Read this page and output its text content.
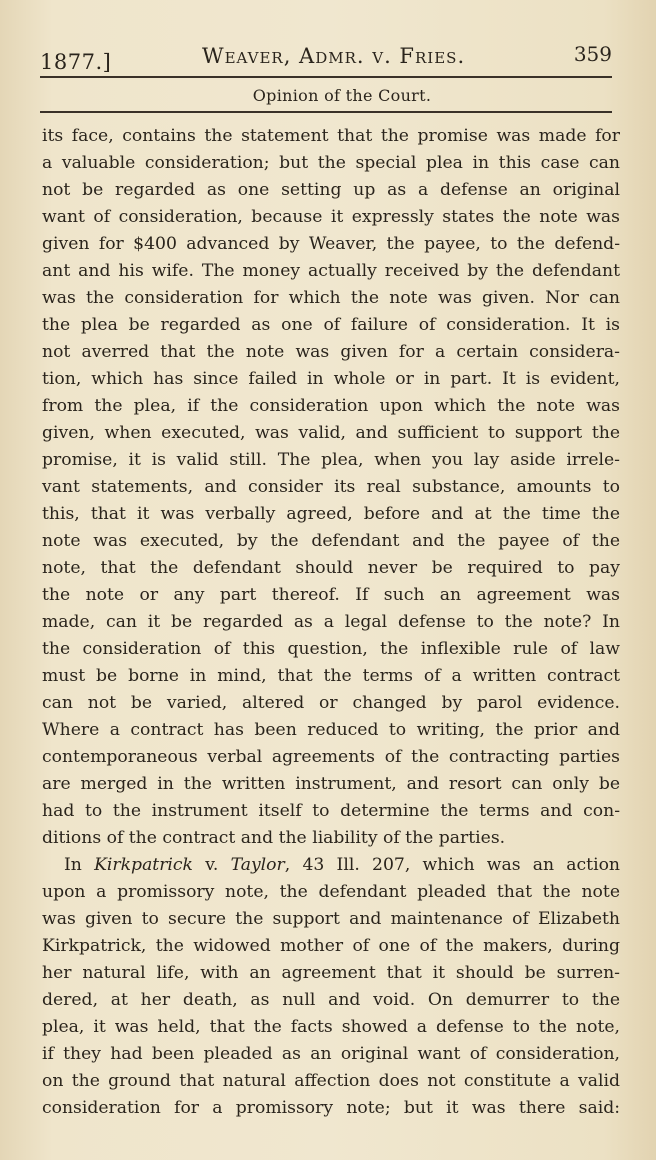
1877.]	Weaver, Admr. v. Fries.	359
Opinion of the Court.
its face, contains the statement that the promise was made for
a valuable consideration; but the special plea in this case can
not be regarded as one setting up as a defense an original
want of consideration, because it expressly states the note was
given for $400 advanced by Weaver, the payee, to the defend-
ant and his wife. The money actually received by the defendant
was the consideration for which the note was given. Nor can
the plea be regarded as one of failure of consideration. It is
not averred that the note was given for a certain considera-
tion, which has since failed in whole or in part. It is evident,
from the plea, if the consideration upon which the note was
given, when executed, was valid, and sufficient to support the
promise, it is valid still. The plea, when you lay aside irrele-
vant statements, and consider its real substance, amounts to
this, that it was verbally agreed, before and at the time the
note was executed, by the defendant and the payee of the
note, that the defendant should never be required to pay
the note or any part thereof. If such an agreement was
made, can it be regarded as a legal defense to the note? In
the consideration of this question, the inflexible rule of law
must be borne in mind, that the terms of a written contract
can not be varied, altered or changed by parol evidence.
Where a contract has been reduced to writing, the prior and
contemporaneous verbal agreements of the contracting parties
are merged in the written instrument, and resort can only be
had to the instrument itself to determine the terms and con-
ditions of the contract and the liability of the parties.
In Kirkpatrick v. Taylor, 43 Ill. 207, which was an action
upon a promissory note, the defendant pleaded that the note
was given to secure the support and maintenance of Elizabeth
Kirkpatrick, the widowed mother of one of the makers, during
her natural life, with an agreement that it should be surren-
dered, at her death, as null and void. On demurrer to the
plea, it was held, that the facts showed a defense to the note,
if they had been pleaded as an original want of consideration,
on the ground that natural affection does not constitute a valid
consideration for a promissory note; but it was there said:
